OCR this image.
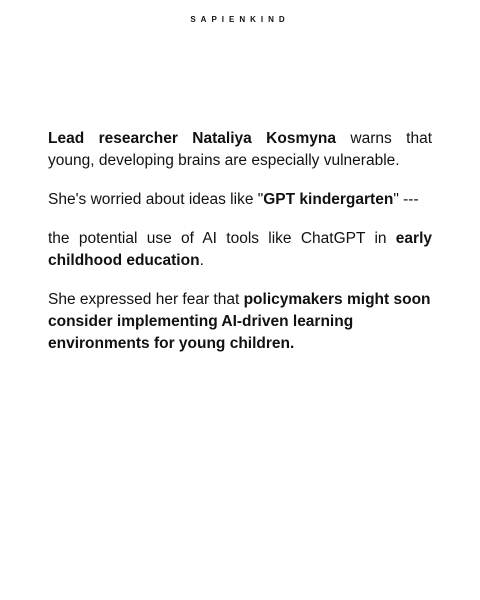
SAPIENKIND

Lead researcher Nataliya Kosmyna warns that young, developing brains are especially vulnerable.

She's worried about ideas like "GPT kindergarten" ---

the potential use of AI tools like ChatGPT in early childhood education.

She expressed her fear that policymakers might soon consider implementing AI-driven learning environments for young children.
